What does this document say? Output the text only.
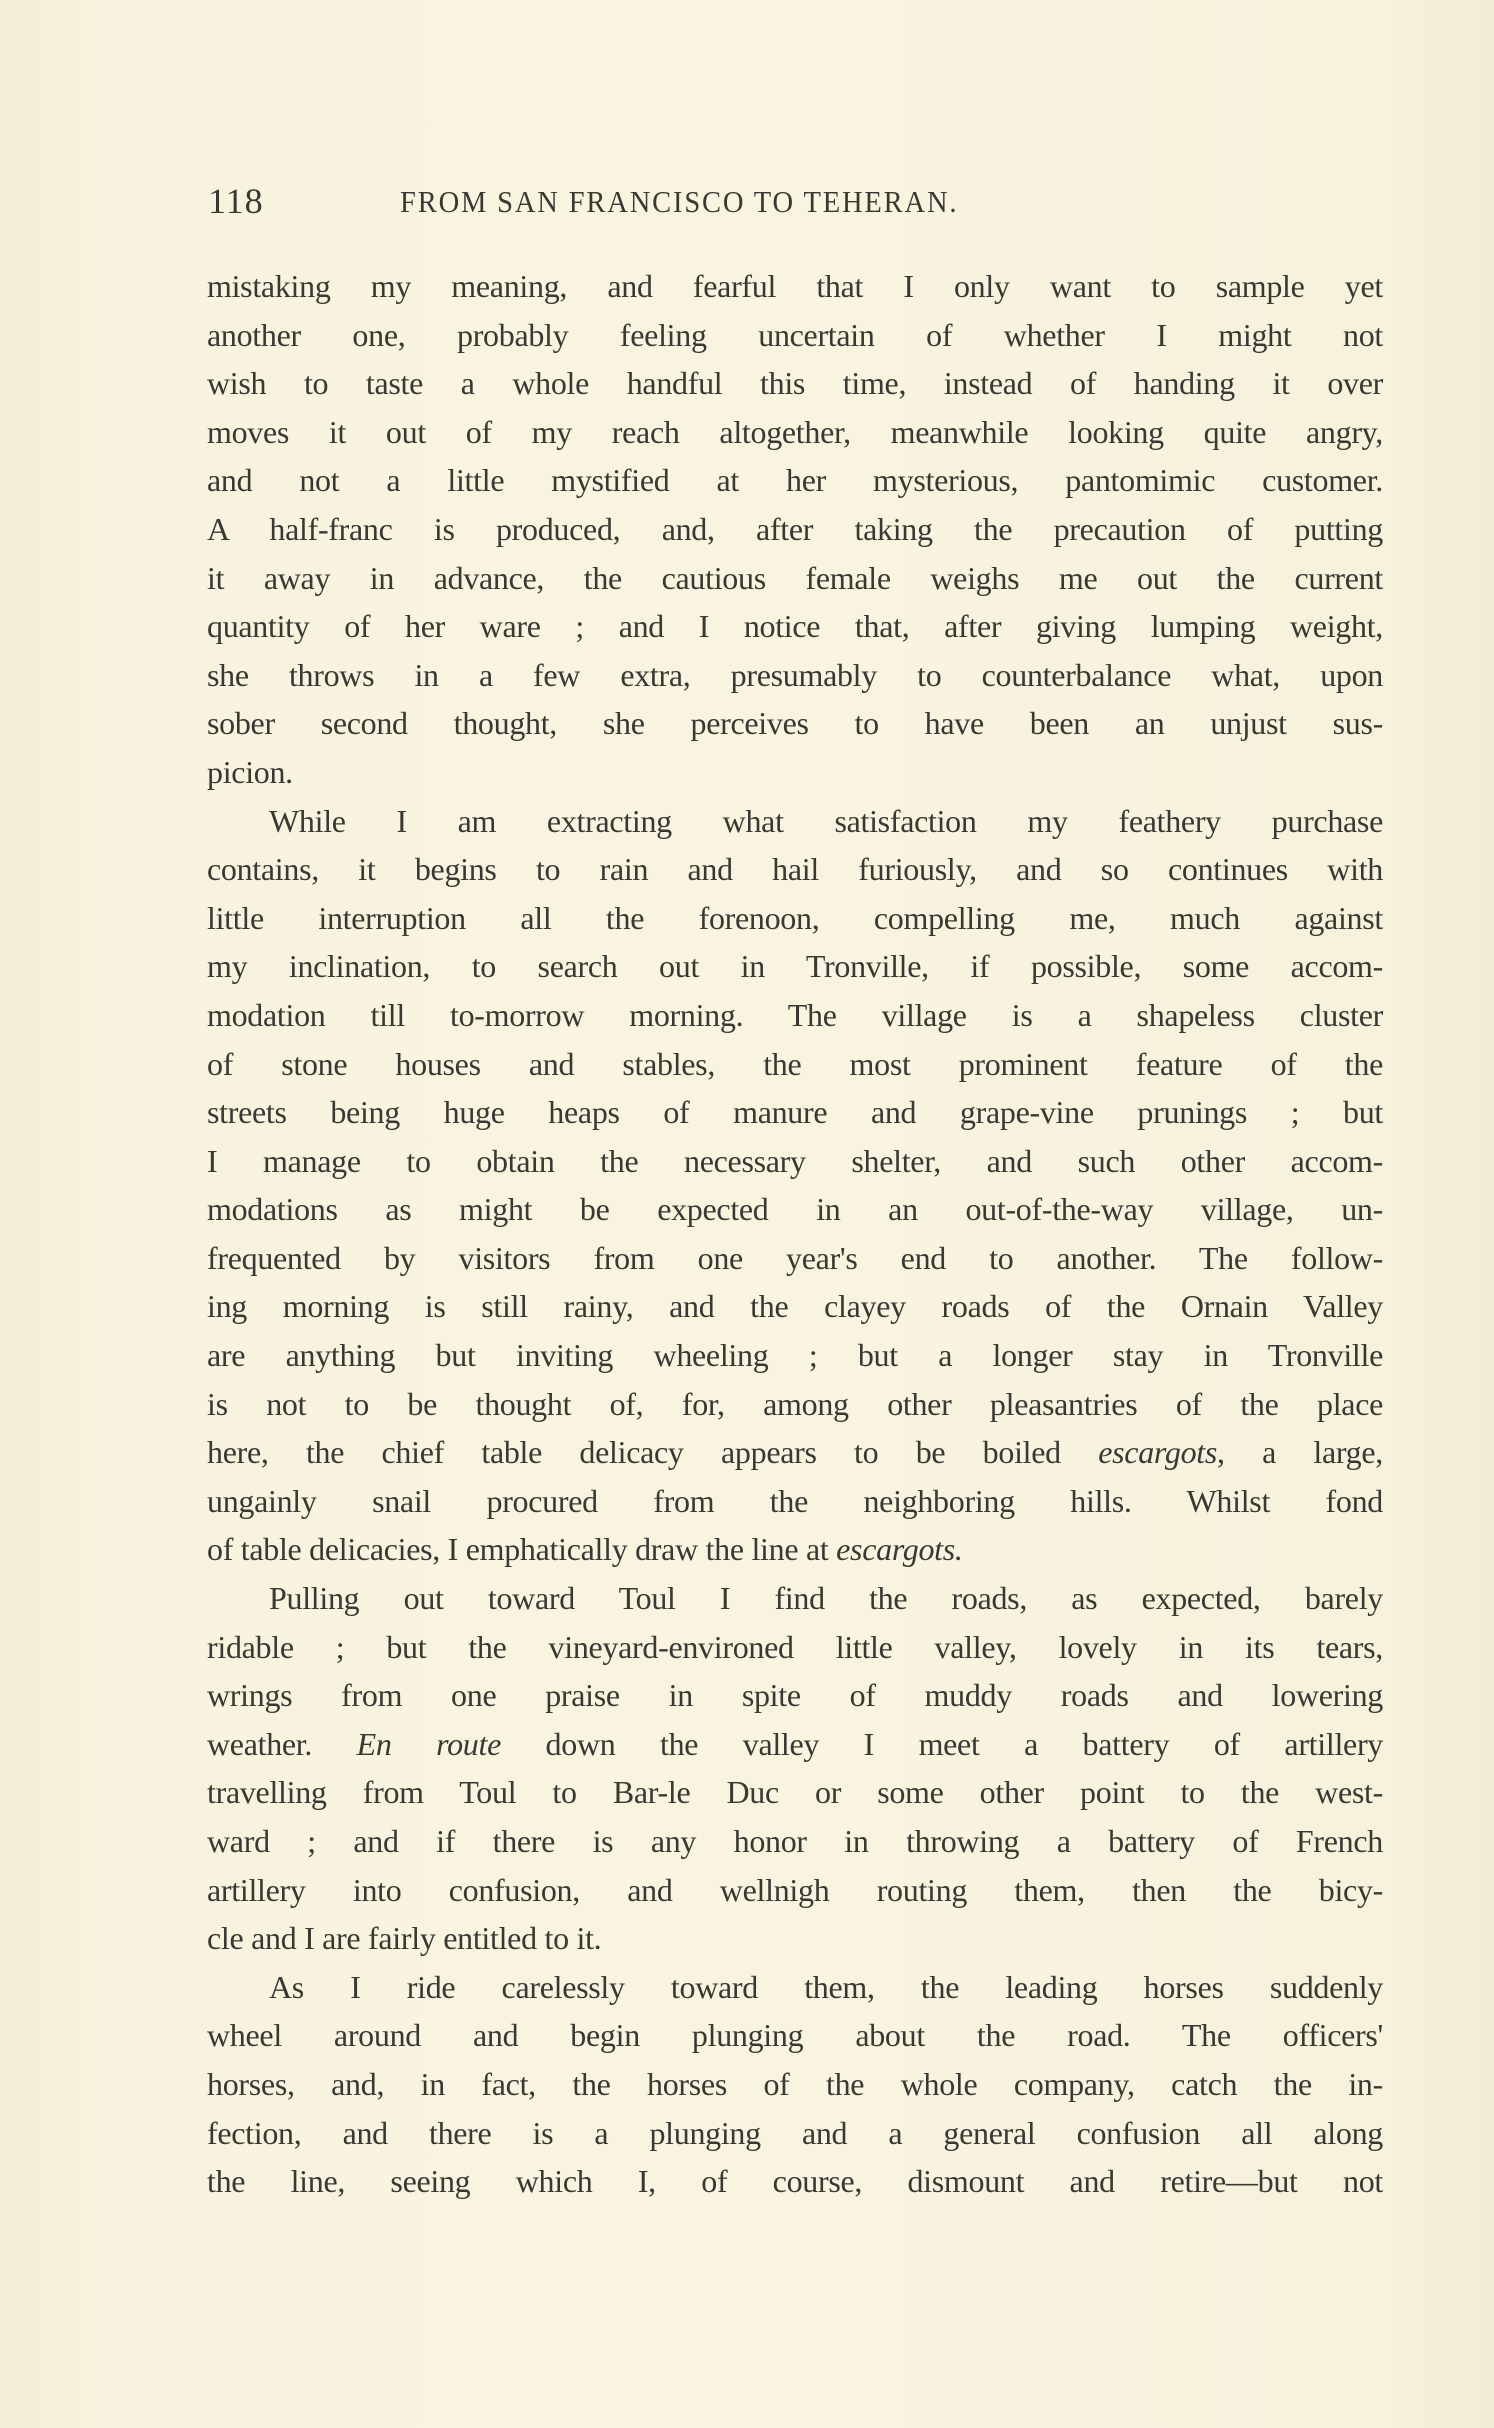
118	FROM SAN FRANCISCO TO TEHERAN.
mistaking my meaning, and fearful that I only want to sample yet
another one, probably feeling uncertain of whether I might not
wish to taste a whole handful this time, instead of handing it over
moves it out of my reach altogether, meanwhile looking quite angry,
and not a little mystified at her mysterious, pantomimic customer.
A half-franc is produced, and, after taking the precaution of putting
it away in advance, the cautious female weighs me out the current
quantity of her ware ; and I notice that, after giving lumping weight,
she throws in a few extra, presumably to counterbalance what, upon
sober second thought, she perceives to have been an unjust sus-
picion.
While I am extracting what satisfaction my feathery purchase
contains, it begins to rain and hail furiously, and so continues with
little interruption all the forenoon, compelling me, much against
my inclination, to search out in Tronville, if possible, some accom-
modation till to-morrow morning. The village is a shapeless cluster
of stone houses and stables, the most prominent feature of the
streets being huge heaps of manure and grape-vine prunings ; but
I manage to obtain the necessary shelter, and such other accom-
modations as might be expected in an out-of-the-way village, un-
frequented by visitors from one year's end to another. The follow-
ing morning is still rainy, and the clayey roads of the Ornain Valley
are anything but inviting wheeling ; but a longer stay in Tronville
is not to be thought of, for, among other pleasantries of the place
here, the chief table delicacy appears to be boiled escargots, a large,
ungainly snail procured from the neighboring hills. Whilst fond
of table delicacies, I emphatically draw the line at escargots.
Pulling out toward Toul I find the roads, as expected, barely
ridable ; but the vineyard-environed little valley, lovely in its tears,
wrings from one praise in spite of muddy roads and lowering
weather. En route down the valley I meet a battery of artillery
travelling from Toul to Bar-le Duc or some other point to the west-
ward ; and if there is any honor in throwing a battery of French
artillery into confusion, and wellnigh routing them, then the bicy-
cle and I are fairly entitled to it.
As I ride carelessly toward them, the leading horses suddenly
wheel around and begin plunging about the road. The officers'
horses, and, in fact, the horses of the whole company, catch the in-
fection, and there is a plunging and a general confusion all along
the line, seeing which I, of course, dismount and retire—but not
